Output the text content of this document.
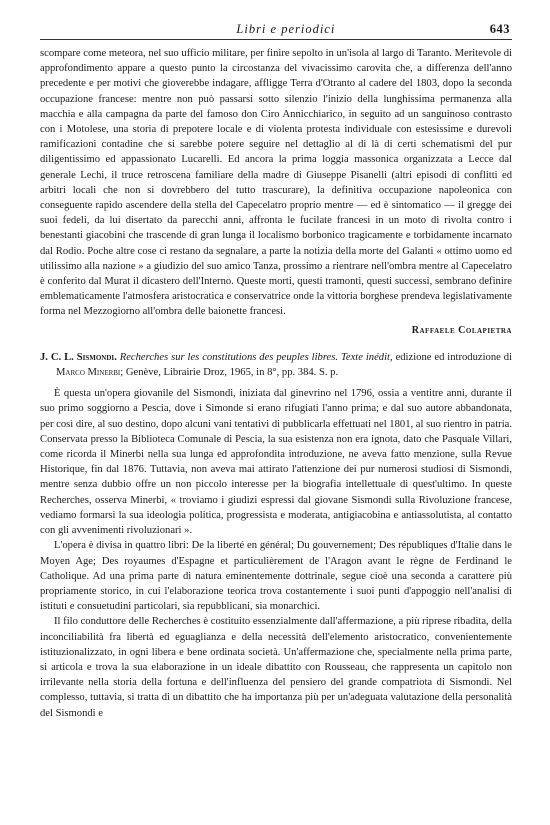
Libri e periodici	643

scompare come meteora, nel suo ufficio militare, per finire sepolto in un'isola al largo di Taranto. Meritevole di approfondimento appare a questo punto la circostanza del vivacissimo carovita che, a differenza dell'anno precedente e per motivi che gioverebbe indagare, affligge Terra d'Otranto al cadere del 1803, dopo la seconda occupazione francese: mentre non può passarsi sotto silenzio l'inizio della lunghissima permanenza alla macchia e alla campagna da parte del famoso don Ciro Annicchiarico, in seguito ad un sanguinoso contrasto con i Motolese, una storia di prepotere locale e di violenta protesta individuale con estesissime e durevoli ramificazioni contadine che si sarebbe potere seguire nel dettaglio al di là di certi schematismi del pur diligentissimo ed appassionato Lucarelli. Ed ancora la prima loggia massonica organizzata a Lecce dal generale Lechi, il truce retroscena familiare della madre di Giuseppe Pisanelli (altri episodi di conflitti ed arbitri locali che non si dovrebbero del tutto trascurare), la definitiva occupazione napoleonica con conseguente rapido ascendere della stella del Capecelatro proprio mentre — ed è sintomatico — il gregge dei suoi fedeli, da lui disertato da parecchi anni, affronta le fucilate francesi in un moto di rivolta contro i benestanti giacobini che trascende di gran lunga il localismo borbonico tragicamente e torbidamente incarnato dal Rodio. Poche altre cose ci restano da segnalare, a parte la notizia della morte del Galanti « ottimo uomo ed utilissimo alla nazione » a giudizio del suo amico Tanza, prossimo a rientrare nell'ombra mentre al Capecelatro è conferito dal Murat il dicastero dell'Interno. Queste morti, questi tramonti, questi successi, sembrano definire emblematicamente l'atmosfera aristocratica e conservatrice onde la vittoria borghese prendeva legislativamente forma nel Mezzogiorno all'ombra delle baionette francesi.

Raffaele Colapietra
J. C. L. Sismondi. Recherches sur les constitutions des peuples libres. Texte inédit, edizione ed introduzione di Marco Minerbi; Genève, Librairie Droz, 1965, in 8°, pp. 384. S. p.

È questa un'opera giovanile del Sismondi, iniziata dal ginevrino nel 1796, ossia a ventitre anni, durante il suo primo soggiorno a Pescia, dove i Simonde si erano rifugiati l'anno prima; e dal suo autore abbandonata, per così dire, al suo destino, dopo alcuni vani tentativi di pubblicarla effettuati nel 1801, al suo rientro in patria. Conservata presso la Biblioteca Comunale di Pescia, la sua esistenza non era ignota, dato che Pasquale Villari, come ricorda il Minerbi nella sua lunga ed approfondita introduzione, ne aveva fatto menzione, sulla Revue Historique, fin dal 1876. Tuttavia, non aveva mai attirato l'attenzione dei pur numerosi studiosi di Sismondi, mentre senza dubbio offre un non piccolo interesse per la biografia intellettuale di quest'ultimo. In queste Recherches, osserva Minerbi, « troviamo i giudizi espressi dal giovane Sismondi sulla Rivoluzione francese, vediamo formarsi la sua ideologia politica, progressista e moderata, antigiacobina e antiassolutista, al contatto con gli avvenimenti rivoluzionari ».

L'opera è divisa in quattro libri: De la liberté en général; Du gouvernement; Des républiques d'Italie dans le Moyen Age; Des royaumes d'Espagne et particulièrement de l'Aragon avant le règne de Ferdinand le Catholique. Ad una prima parte di natura eminentemente dottrinale, segue cioè una seconda a carattere più propriamente storico, in cui l'elaborazione teorica trova costantemente i suoi punti d'appoggio nell'analisi di istituti e consuetudini particolari, sia repubblicani, sia monarchici.

Il filo conduttore delle Recherches è costituito essenzialmente dall'affermazione, a più riprese ribadita, della inconciliabilità fra libertà ed eguaglianza e della necessità dell'elemento aristocratico, convenientemente istituzionalizzato, in ogni libera e bene ordinata società. Un'affermazione che, specialmente nella prima parte, si articola e trova la sua elaborazione in un ideale dibattito con Rousseau, che rappresenta un capitolo non irrilevante nella storia della fortuna e dell'influenza del pensiero del grande compatriota di Sismondi. Nel complesso, tuttavia, si tratta di un dibattito che ha importanza più per un'adeguata valutazione della personalità del Sismondi e
